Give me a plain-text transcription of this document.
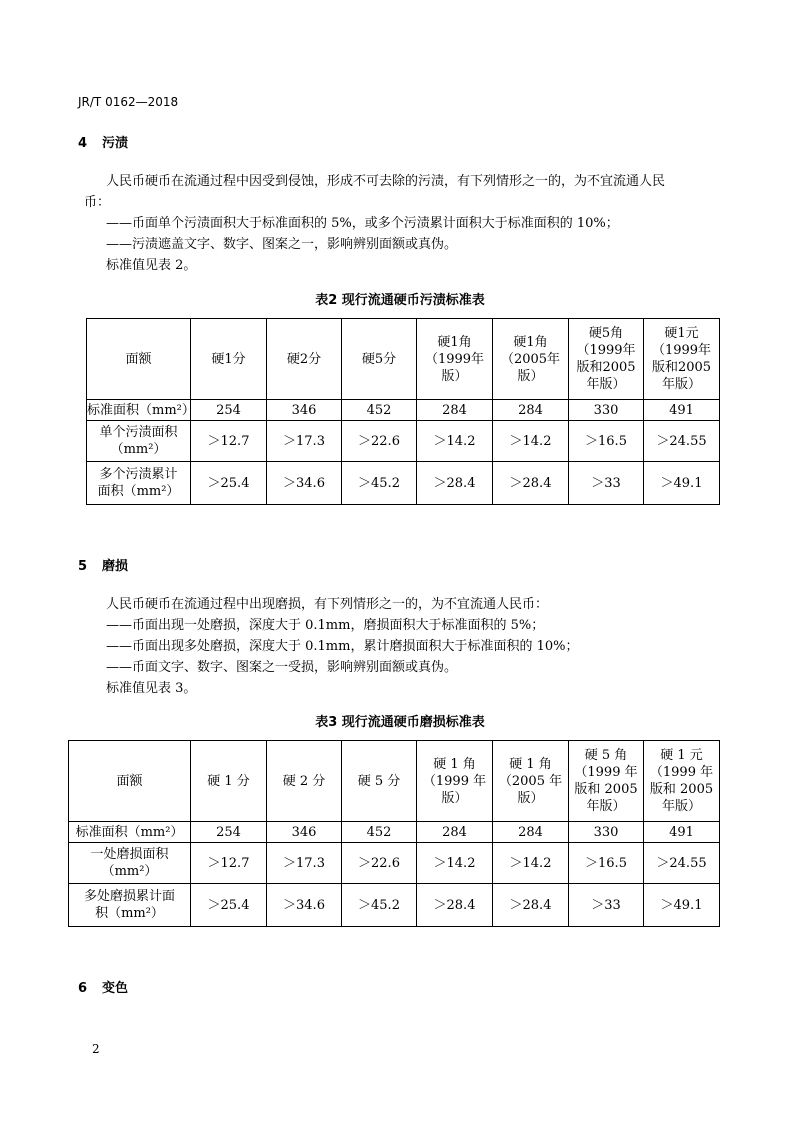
JR/T 0162—2018
4 污渍

人民币硬币在流通过程中因受到侵蚀，形成不可去除的污渍，有下列情形之一的，为不宜流通人民

币：

——币面单个污渍面积大于标准面积的 5%，或多个污渍累计面积大于标准面积的 10%；

——污渍遮盖文字、数字、图案之一，影响辨别面额或真伪。

标准值见表 2。

表2 现行流通硬币污渍标准表
面额	硬1分	硬2分	硬5分	硬1角
（1999年
版）	硬1角
（2005年
版）	硬5角
（1999年
版和2005
年版）	硬1元
（1999年
版和2005
年版）
标准面积（mm²）	254	346	452	284	284	330	491
单个污渍面积
（mm²）	＞12.7	＞17.3	＞22.6	＞14.2	＞14.2	＞16.5	＞24.55
多个污渍累计
面积（mm²）	＞25.4	＞34.6	＞45.2	＞28.4	＞28.4	＞33	＞49.1
5 磨损

人民币硬币在流通过程中出现磨损，有下列情形之一的，为不宜流通人民币：

——币面出现一处磨损，深度大于 0.1mm，磨损面积大于标准面积的 5%；

——币面出现多处磨损，深度大于 0.1mm，累计磨损面积大于标准面积的 10%；

——币面文字、数字、图案之一受损，影响辨别面额或真伪。

标准值见表 3。

表3 现行流通硬币磨损标准表
面额	硬 1 分	硬 2 分	硬 5 分	硬 1 角
（1999 年
版）	硬 1 角
（2005 年
版）	硬 5 角
（1999 年
版和 2005
年版）	硬 1 元
（1999 年
版和 2005
年版）
标准面积（mm²）	254	346	452	284	284	330	491
一处磨损面积
（mm²）	＞12.7	＞17.3	＞22.6	＞14.2	＞14.2	＞16.5	＞24.55
多处磨损累计面
积（mm²）	＞25.4	＞34.6	＞45.2	＞28.4	＞28.4	＞33	＞49.1
6 变色
2
